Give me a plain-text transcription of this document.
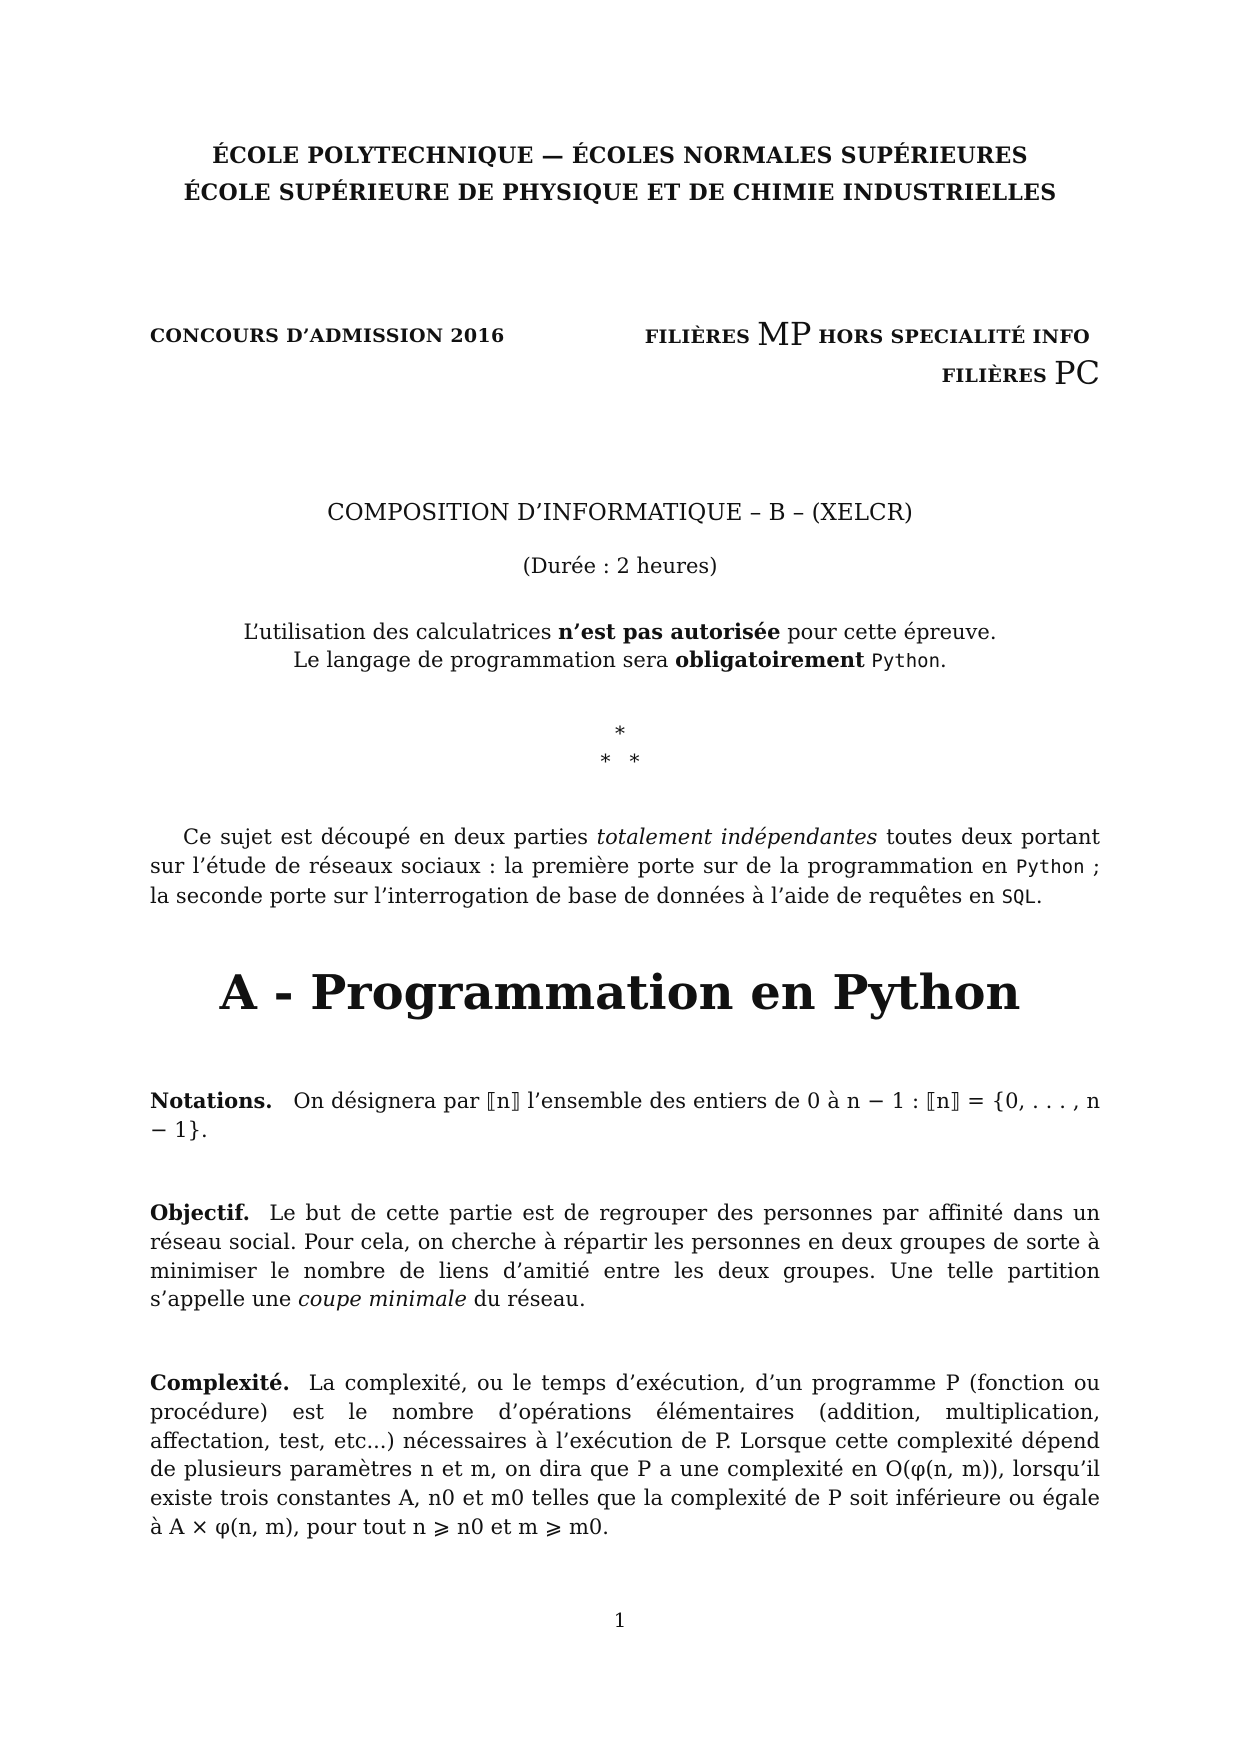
ÉCOLE POLYTECHNIQUE — ÉCOLES NORMALES SUPÉRIEURES
ÉCOLE SUPÉRIEURE DE PHYSIQUE ET DE CHIMIE INDUSTRIELLES
CONCOURS D’ADMISSION 2016	FILIÈRES MP HORS SPECIALITÉ INFO
FILIÈRES PC
COMPOSITION D’INFORMATIQUE – B – (XELCR)
(Durée : 2 heures)
L’utilisation des calculatrices n’est pas autorisée pour cette épreuve.
Le langage de programmation sera obligatoirement Python.
*
*   *
Ce sujet est découpé en deux parties totalement indépendantes toutes deux portant sur l’étude de réseaux sociaux : la première porte sur de la programmation en Python ; la seconde porte sur l’interrogation de base de données à l’aide de requêtes en SQL.
A - Programmation en Python
Notations. On désignera par ⟦n⟧ l’ensemble des entiers de 0 à n − 1 : ⟦n⟧ = {0, . . . , n − 1}.
Objectif. Le but de cette partie est de regrouper des personnes par affinité dans un réseau social. Pour cela, on cherche à répartir les personnes en deux groupes de sorte à minimiser le nombre de liens d’amitié entre les deux groupes. Une telle partition s’appelle une coupe minimale du réseau.
Complexité. La complexité, ou le temps d’exécution, d’un programme P (fonction ou procédure) est le nombre d’opérations élémentaires (addition, multiplication, affectation, test, etc...) nécessaires à l’exécution de P. Lorsque cette complexité dépend de plusieurs paramètres n et m, on dira que P a une complexité en O(φ(n, m)), lorsqu’il existe trois constantes A, n0 et m0 telles que la complexité de P soit inférieure ou égale à A × φ(n, m), pour tout n ⩾ n0 et m ⩾ m0.
1
